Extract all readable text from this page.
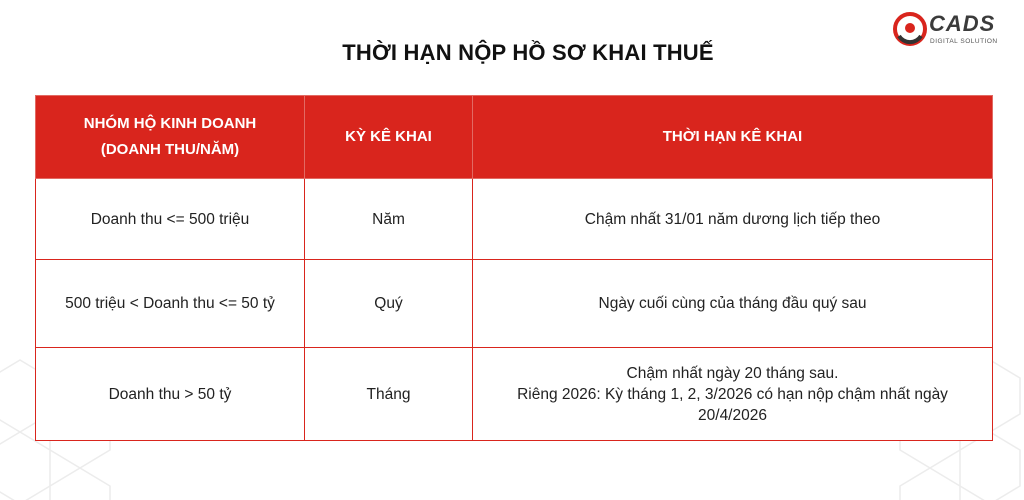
CADS
DIGITAL SOLUTION
THỜI HẠN NỘP HỒ SƠ KHAI THUẾ
NHÓM HỘ KINH DOANH
(DOANH THU/NĂM)	KỲ KÊ KHAI	THỜI HẠN KÊ KHAI
Doanh thu <= 500 triệu	Năm	Chậm nhất 31/01 năm dương lịch tiếp theo

500 triệu < Doanh thu <= 50 tỷ	Quý	Ngày cuối cùng của tháng đầu quý sau

Doanh thu > 50 tỷ	Tháng	Chậm nhất ngày 20 tháng sau.
Riêng 2026: Kỳ tháng 1, 2, 3/2026 có hạn nộp chậm nhất ngày
20/4/2026
